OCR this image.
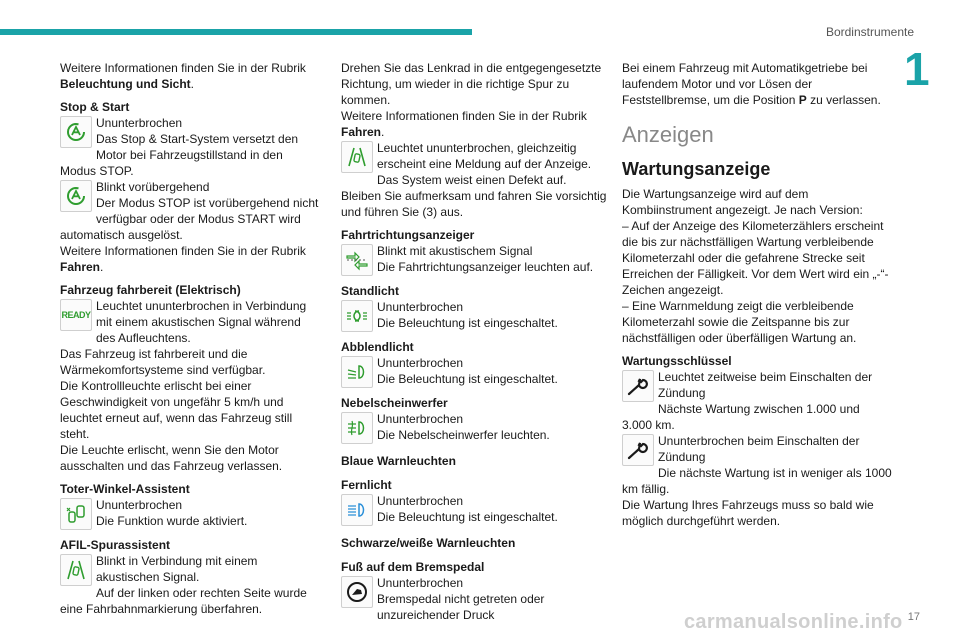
Bordinstrumente
1

Weitere Informationen finden Sie in der Rubrik Beleuchtung und Sicht.

Stop & Start

Ununterbrochen

Das Stop & Start-System versetzt den Motor bei Fahrzeugstillstand in den Modus STOP.

Blinkt vorübergehend

Der Modus STOP ist vorübergehend nicht verfügbar oder der Modus START wird automatisch ausgelöst.

Weitere Informationen finden Sie in der Rubrik Fahren.

Fahrzeug fahrbereit (Elektrisch)

READY

Leuchtet ununterbrochen in Verbindung mit einem akustischen Signal während des Aufleuchtens.

Das Fahrzeug ist fahrbereit und die Wärmekomfortsysteme sind verfügbar.

Die Kontrollleuchte erlischt bei einer Geschwindigkeit von ungefähr 5 km/h und leuchtet erneut auf, wenn das Fahrzeug still steht.

Die Leuchte erlischt, wenn Sie den Motor ausschalten und das Fahrzeug verlassen.

Toter-Winkel-Assistent

Ununterbrochen

Die Funktion wurde aktiviert.

AFIL-Spurassistent

Blinkt in Verbindung mit einem akustischen Signal.

Auf der linken oder rechten Seite wurde eine Fahrbahnmarkierung überfahren.

Drehen Sie das Lenkrad in die entgegengesetzte Richtung, um wieder in die richtige Spur zu kommen.

Weitere Informationen finden Sie in der Rubrik Fahren.

Leuchtet ununterbrochen, gleichzeitig erscheint eine Meldung auf der Anzeige.

Das System weist einen Defekt auf.

Bleiben Sie aufmerksam und fahren Sie vorsichtig und führen Sie (3) aus.

Fahrtrichtungsanzeiger

Blinkt mit akustischem Signal

Die Fahrtrichtungsanzeiger leuchten auf.

Standlicht

Ununterbrochen

Die Beleuchtung ist eingeschaltet.

Abblendlicht

Ununterbrochen

Die Beleuchtung ist eingeschaltet.

Nebelscheinwerfer

Ununterbrochen

Die Nebelscheinwerfer leuchten.

Blaue Warnleuchten

Fernlicht

Ununterbrochen

Die Beleuchtung ist eingeschaltet.

Schwarze/weiße Warnleuchten

Fuß auf dem Bremspedal

Ununterbrochen

Bremspedal nicht getreten oder unzureichender Druck

Bei einem Fahrzeug mit Automatikgetriebe bei laufendem Motor und vor Lösen der Feststellbremse, um die Position P zu verlassen.

Anzeigen

Wartungsanzeige

Die Wartungsanzeige wird auf dem Kombiinstrument angezeigt. Je nach Version:

– Auf der Anzeige des Kilometerzählers erscheint die bis zur nächstfälligen Wartung verbleibende Kilometerzahl oder die gefahrene Strecke seit Erreichen der Fälligkeit. Vor dem Wert wird ein „-“-Zeichen angezeigt.

– Eine Warnmeldung zeigt die verbleibende Kilometerzahl sowie die Zeitspanne bis zur nächstfälligen oder überfälligen Wartung an.

Wartungsschlüssel

Leuchtet zeitweise beim Einschalten der Zündung

Nächste Wartung zwischen 1.000 und 3.000 km.

Ununterbrochen beim Einschalten der Zündung

Die nächste Wartung ist in weniger als 1000 km fällig.

Die Wartung Ihres Fahrzeugs muss so bald wie möglich durchgeführt werden.

carmanualsonline.info 17
